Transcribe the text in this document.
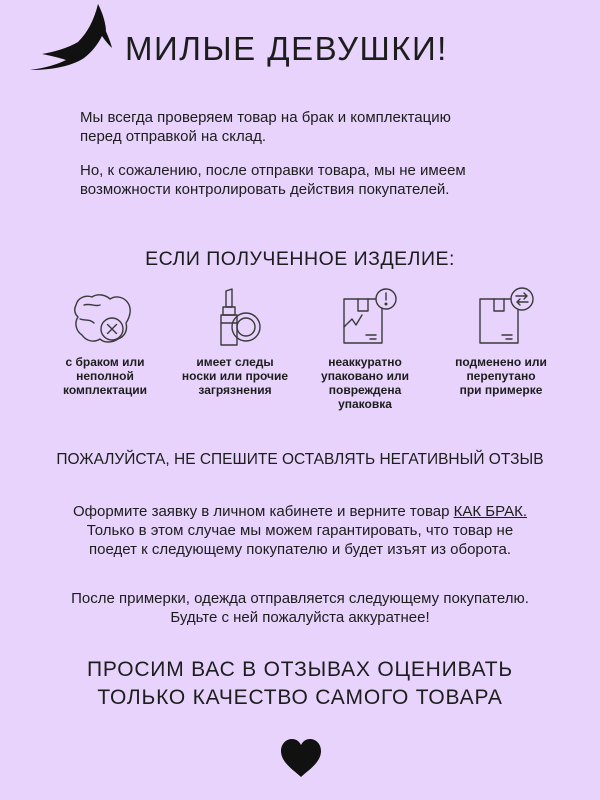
МИЛЫЕ ДЕВУШКИ!

Мы всегда проверяем товар на брак и комплектацию
перед отправкой на склад.

Но, к сожалению, после отправки товара, мы не имеем
возможности контролировать действия покупателей.

ЕСЛИ ПОЛУЧЕННОЕ ИЗДЕЛИЕ:
с браком или
неполной
комплектации
имеет следы
носки или прочие
загрязнения
неаккуратно
упаковано или
повреждена
упаковка
подменено или
перепутано
при примерке
ПОЖАЛУЙСТА, НЕ СПЕШИТЕ ОСТАВЛЯТЬ НЕГАТИВНЫЙ ОТЗЫВ

Оформите заявку в личном кабинете и верните товар КАК БРАК.

Только в этом случае мы можем гарантировать, что товар не

поедет к следующему покупателю и будет изъят из оборота.

После примерки, одежда отправляется следующему покупателю.

Будьте с ней пожалуйста аккуратнее!

ПРОСИМ ВАС В ОТЗЫВАХ ОЦЕНИВАТЬ
ТОЛЬКО КАЧЕСТВО САМОГО ТОВАРА
